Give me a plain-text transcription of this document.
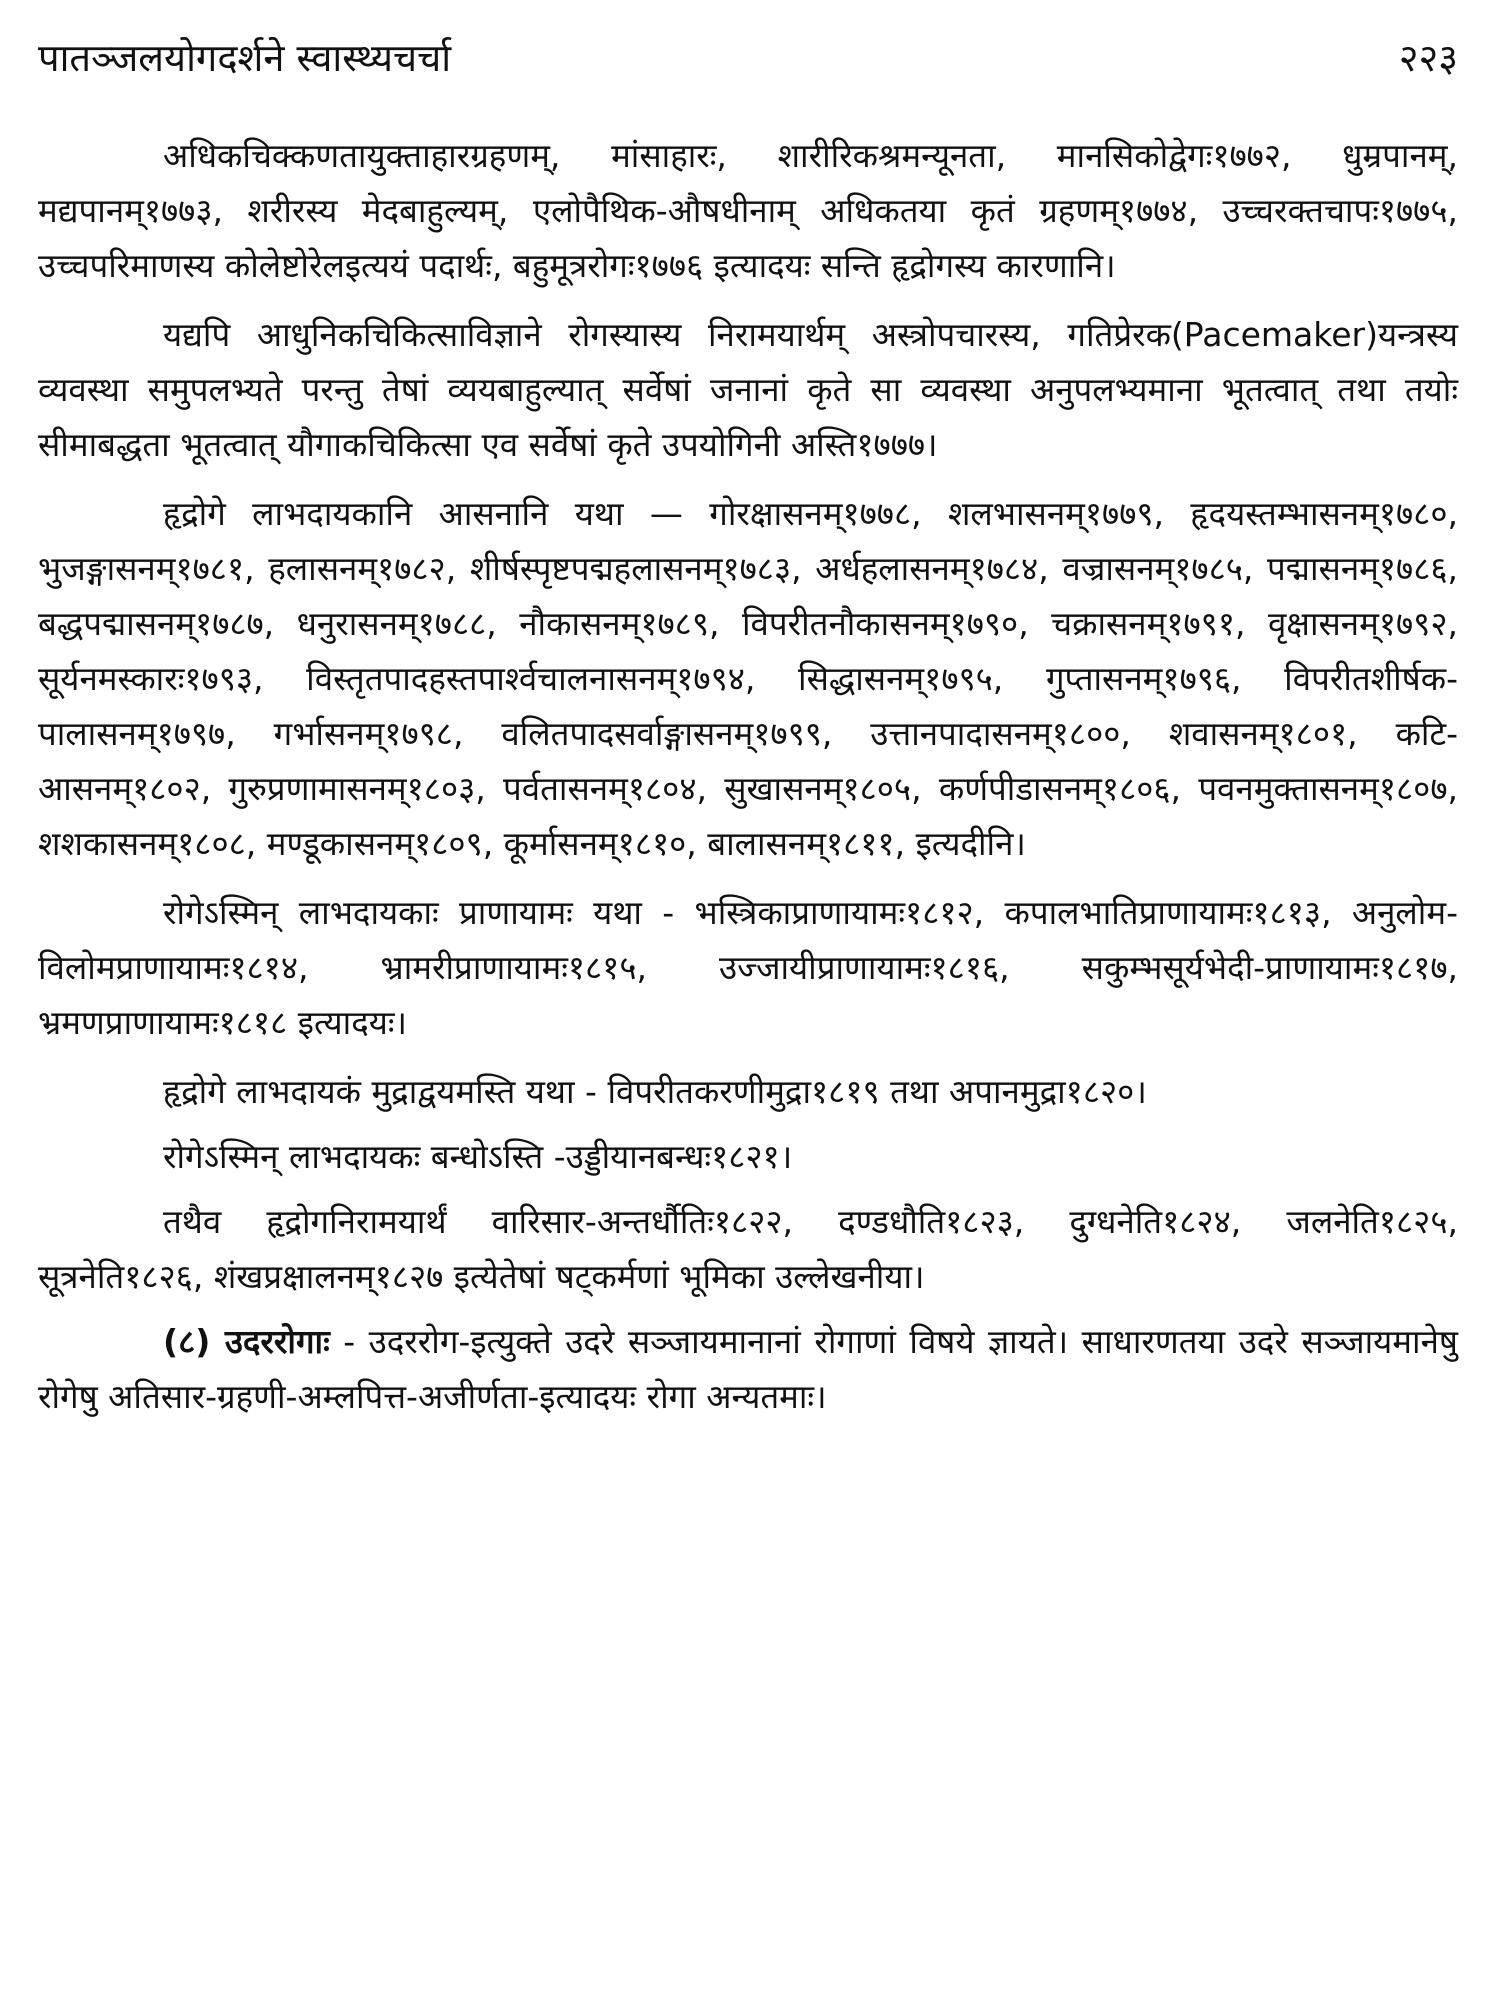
पातञ्जलयोगदर्शने स्वास्थ्यचर्चा	२२३

अधिकचिक्कणतायुक्ताहारग्रहणम्, मांसाहारः, शारीरिकश्रमन्यूनता, मानसिकोद्वेगः१७७२, धुम्रपानम्, मद्यपानम्१७७३, शरीरस्य मेदबाहुल्यम्, एलोपैथिक-औषधीनाम् अधिकतया कृतं ग्रहणम्१७७४, उच्चरक्तचापः१७७५, उच्चपरिमाणस्य कोलेष्टोरेलइत्ययं पदार्थः, बहुमूत्ररोगः१७७६ इत्यादयः सन्ति हृद्रोगस्य कारणानि।

यद्यपि आधुनिकचिकित्साविज्ञाने रोगस्यास्य निरामयार्थम् अस्त्रोपचारस्य, गतिप्रेरक(Pacemaker)यन्त्रस्य व्यवस्था समुपलभ्यते परन्तु तेषां व्ययबाहुल्यात् सर्वेषां जनानां कृते सा व्यवस्था अनुपलभ्यमाना भूतत्वात् तथा तयोः सीमाबद्धता भूतत्वात् यौगाकचिकित्सा एव सर्वेषां कृते उपयोगिनी अस्ति१७७७।

हृद्रोगे लाभदायकानि आसनानि यथा — गोरक्षासनम्१७७८, शलभासनम्१७७९, हृदयस्तम्भासनम्१७८०, भुजङ्गासनम्१७८१, हलासनम्१७८२, शीर्षस्पृष्टपद्महलासनम्१७८३, अर्धहलासनम्१७८४, वज्रासनम्१७८५, पद्मासनम्१७८६, बद्धपद्मासनम्१७८७, धनुरासनम्१७८८, नौकासनम्१७८९, विपरीतनौकासनम्१७९०, चक्रासनम्१७९१, वृक्षासनम्१७९२, सूर्यनमस्कारः१७९३, विस्तृतपादहस्तपार्श्वचालनासनम्१७९४, सिद्धासनम्१७९५, गुप्तासनम्१७९६, विपरीतशीर्षक-पालासनम्१७९७, गर्भासनम्१७९८, वलितपादसर्वाङ्गासनम्१७९९, उत्तानपादासनम्१८००, शवासनम्१८०१, कटि-आसनम्१८०२, गुरुप्रणामासनम्१८०३, पर्वतासनम्१८०४, सुखासनम्१८०५, कर्णपीडासनम्१८०६, पवनमुक्तासनम्१८०७, शशकासनम्१८०८, मण्डूकासनम्१८०९, कूर्मासनम्१८१०, बालासनम्१८११, इत्यदीनि।

रोगेऽस्मिन् लाभदायकाः प्राणायामः यथा - भस्त्रिकाप्राणायामः१८१२, कपालभातिप्राणायामः१८१३, अनुलोम-विलोमप्राणायामः१८१४, भ्रामरीप्राणायामः१८१५, उज्जायीप्राणायामः१८१६, सकुम्भसूर्यभेदी-प्राणायामः१८१७, भ्रमणप्राणायामः१८१८ इत्यादयः।

हृद्रोगे लाभदायकं मुद्राद्वयमस्ति यथा - विपरीतकरणीमुद्रा१८१९ तथा अपानमुद्रा१८२०।

रोगेऽस्मिन् लाभदायकः बन्धोऽस्ति -उड्डीयानबन्धः१८२१।

तथैव हृद्रोगनिरामयार्थं वारिसार-अन्तर्धौतिः१८२२, दण्डधौति१८२३, दुग्धनेति१८२४, जलनेति१८२५, सूत्रनेति१८२६, शंखप्रक्षालनम्१८२७ इत्येतेषां षट्कर्मणां भूमिका उल्लेखनीया।

(८) उदररोगाः - उदररोग-इत्युक्ते उदरे सञ्जायमानानां रोगाणां विषये ज्ञायते। साधारणतया उदरे सञ्जायमानेषु रोगेषु अतिसार-ग्रहणी-अम्लपित्त-अजीर्णता-इत्यादयः रोगा अन्यतमाः।
